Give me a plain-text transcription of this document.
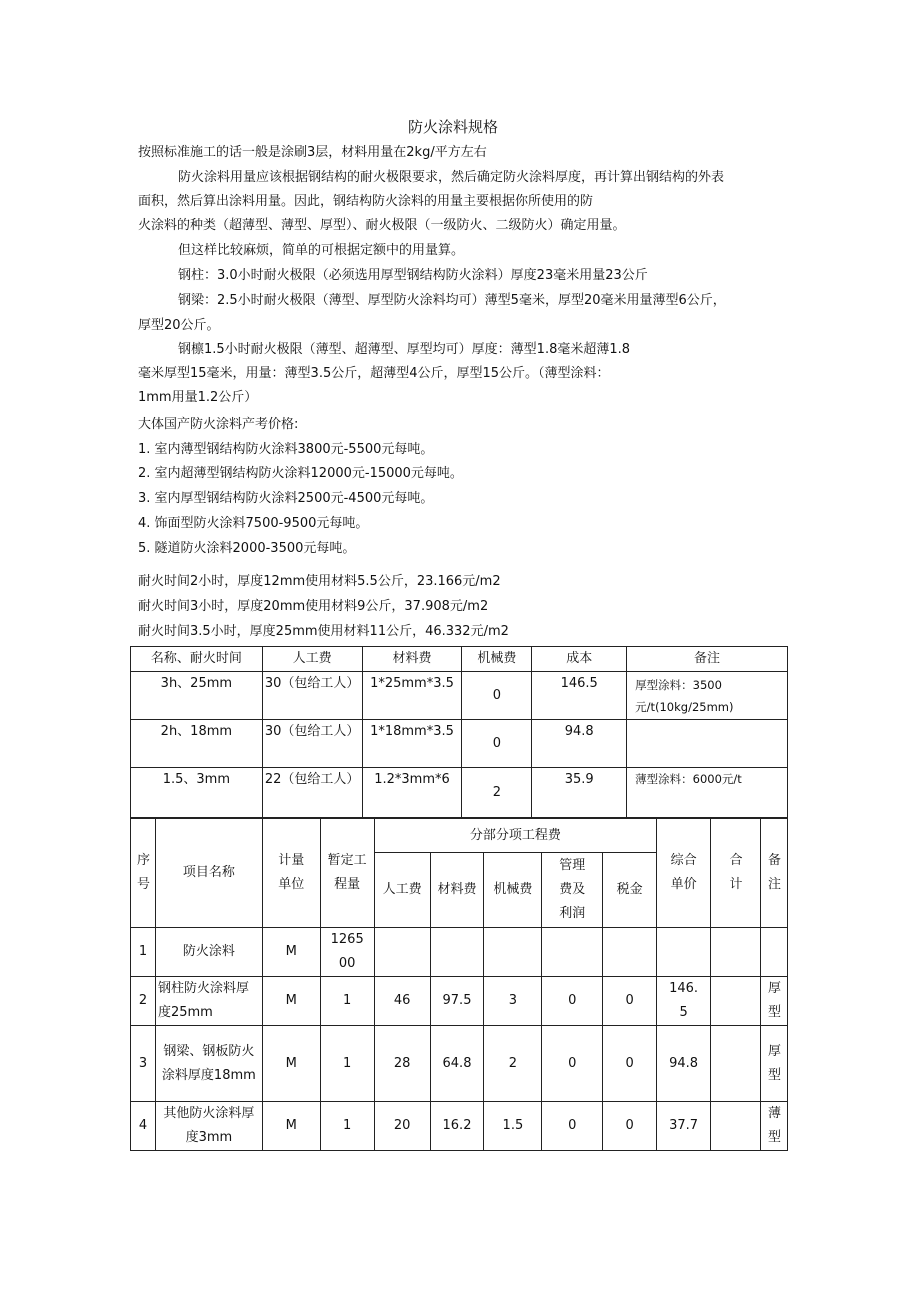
防火涂料规格
按照标准施工的话一般是涂刷3层，材料用量在2kg/平方左右
防火涂料用量应该根据钢结构的耐火极限要求，然后确定防火涂料厚度，再计算出钢结构的外表
面积，然后算出涂料用量。因此，钢结构防火涂料的用量主要根据你所使用的防
火涂料的种类（超薄型、薄型、厚型）、耐火极限（一级防火、二级防火）确定用量。
但这样比较麻烦，简单的可根据定额中的用量算。
钢柱：3.0小时耐火极限（必须选用厚型钢结构防火涂料）厚度23毫米用量23公斤
钢梁：2.5小时耐火极限（薄型、厚型防火涂料均可）薄型5毫米，厚型20毫米用量薄型6公斤，
厚型20公斤。
钢檩1.5小时耐火极限（薄型、超薄型、厚型均可）厚度：薄型1.8毫米超薄1.8
毫米厚型15毫米，用量：薄型3.5公斤，超薄型4公斤，厚型15公斤。（薄型涂料：
1mm用量1.2公斤）
大体国产防火涂料产考价格:
1. 室内薄型钢结构防火涂料3800元-5500元每吨。
2. 室内超薄型钢结构防火涂料12000元-15000元每吨。
3. 室内厚型钢结构防火涂料2500元-4500元每吨。
4. 饰面型防火涂料7500-9500元每吨。
5. 隧道防火涂料2000-3500元每吨。
耐火时间2小时，厚度12mm使用材料5.5公斤，23.166元/m2
耐火时间3小时，厚度20mm使用材料9公斤，37.908元/m2
耐火时间3.5小时，厚度25mm使用材料11公斤，46.332元/m2
名称、耐火时间	人工费	材料费	机械费	成本	备注
3h、25mm	30（包给工人）	1*25mm*3.5	0	146.5	厚型涂料：3500元/t(10kg/25mm)
2h、18mm	30（包给工人）	1*18mm*3.5	0	94.8	
1.5、3mm	22（包给工人）	1.2*3mm*6	2	35.9	薄型涂料：6000元/t
序号	项目名称	计量单位	暂定工程量	分部分项工程费					综合单价	合计	备注

				人工费	材料费	机械费	管理费及利润	税金			
1	防火涂料	M	126500								

2	钢柱防火涂料厚度25mm	M	1	46	97.5	3	0	0	146.5		厚型

3	钢梁、钢板防火涂料厚度18mm	M	1	28	64.8	2	0	0	94.8		厚型

4	其他防火涂料厚度3mm	M	1	20	16.2	1.5	0	0	37.7		薄型
